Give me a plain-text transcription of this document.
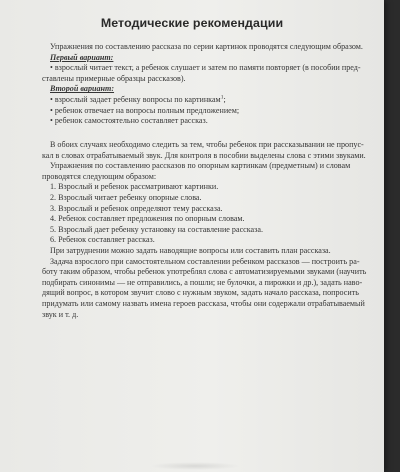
Методические рекомендации
Упражнения по составлению рассказа по серии картинок проводятся следующим образом.
Первый вариант:
• взрослый читает текст, а ребенок слушает и затем по памяти повторяет (в пособии пред-
ставлены примерные образцы рассказов).
Второй вариант:
• взрослый задает ребенку вопросы по картинкам$^1$;
• ребенок отвечает на вопросы полным предложением;
• ребенок самостоятельно составляет рассказ.
В обоих случаях необходимо следить за тем, чтобы ребенок при рассказывании не пропус-
кал в словах отрабатываемый звук. Для контроля в пособии выделены слова с этими звуками.
Упражнения по составлению рассказов по опорным картинкам (предметным) и словам
проводятся следующим образом:
1. Взрослый и ребенок рассматривают картинки.
2. Взрослый читает ребенку опорные слова.
3. Взрослый и ребенок определяют тему рассказа.
4. Ребенок составляет предложения по опорным словам.
5. Взрослый дает ребенку установку на составление рассказа.
6. Ребенок составляет рассказ.
При затруднении можно задать наводящие вопросы или составить план рассказа.
Задача взрослого при самостоятельном составлении ребенком рассказов — построить ра-
боту таким образом, чтобы ребенок употреблял слова с автоматизируемыми звуками (научить
подбирать синонимы — не отправились, а пошли; не булочки, а пирожки и др.), задать наво-
дящий вопрос, в котором звучит слово с нужным звуком, задать начало рассказа, попросить
придумать или самому назвать имена героев рассказа, чтобы они содержали отрабатываемый
звук и т. д.
